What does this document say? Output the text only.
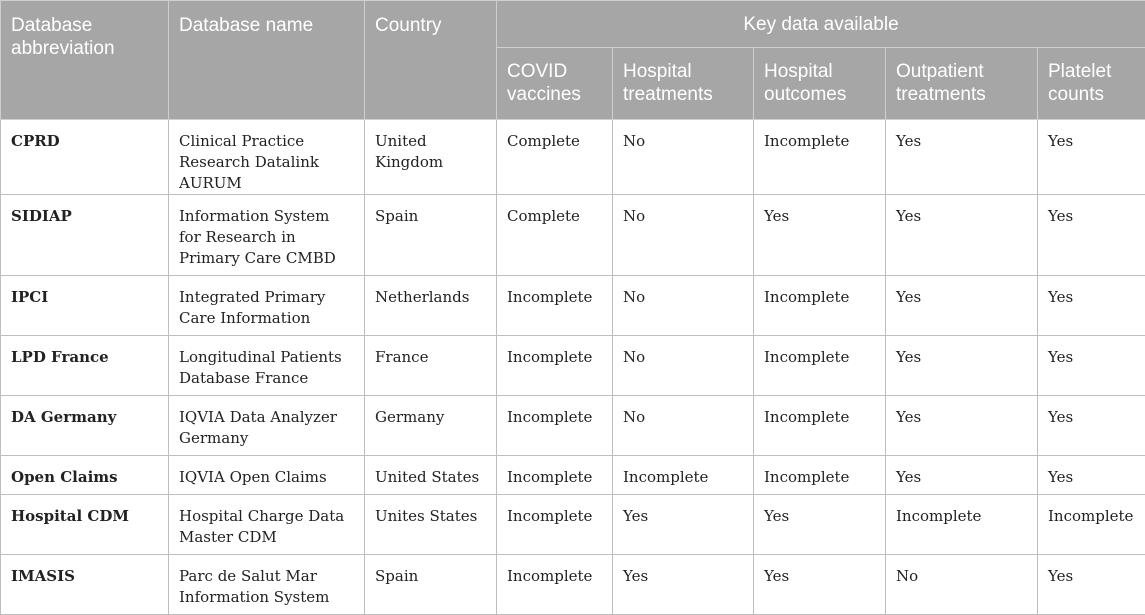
Database abbreviation	Database name	Country	Key data available				
			COVID vaccines	Hospital treatments	Hospital outcomes	Outpatient treatments	Platelet counts
CPRD	Clinical Practice Research Datalink AURUM	United Kingdom	Complete	No	Incomplete	Yes	Yes
SIDIAP	Information System for Research in Primary Care CMBD	Spain	Complete	No	Yes	Yes	Yes
IPCI	Integrated Primary Care Information	Netherlands	Incomplete	No	Incomplete	Yes	Yes
LPD France	Longitudinal Patients Database France	France	Incomplete	No	Incomplete	Yes	Yes
DA Germany	IQVIA Data Analyzer Germany	Germany	Incomplete	No	Incomplete	Yes	Yes
Open Claims	IQVIA Open Claims	United States	Incomplete	Incomplete	Incomplete	Yes	Yes
Hospital CDM	Hospital Charge Data Master CDM	Unites States	Incomplete	Yes	Yes	Incomplete	Incomplete
IMASIS	Parc de Salut Mar Information System	Spain	Incomplete	Yes	Yes	No	Yes
